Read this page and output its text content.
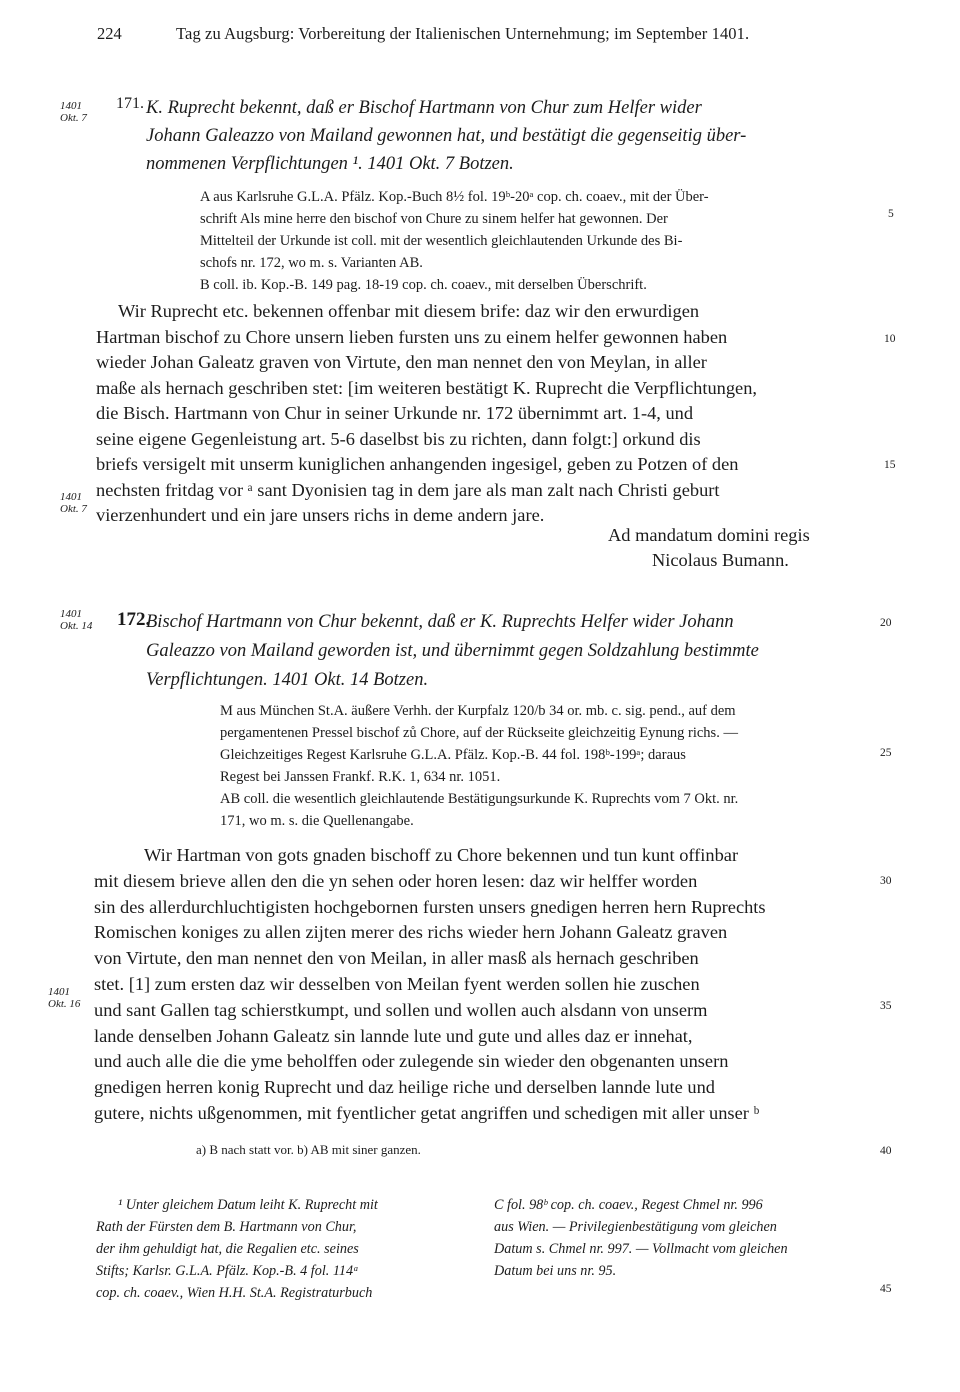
224	Tag zu Augsburg: Vorbereitung der Italienischen Unternehmung; im September 1401.
1401
Okt. 7
171. K. Ruprecht bekennt, daß er Bischof Hartmann von Chur zum Helfer wider
Johann Galeazzo von Mailand gewonnen hat, und bestätigt die gegenseitig über-
nommenen Verpflichtungen ¹. 1401 Okt. 7 Botzen.
A aus Karlsruhe G.L.A. Pfälz. Kop.-Buch 8½ fol. 19ᵇ-20ᵃ cop. ch. coaev., mit der Über-
schrift Als mine herre den bischof von Chure zu sinem helfer hat gewonnen. Der
Mittelteil der Urkunde ist coll. mit der wesentlich gleichlautenden Urkunde des Bi-
schofs nr. 172, wo m. s. Varianten AB.
B coll. ib. Kop.-B. 149 pag. 18-19 cop. ch. coaev., mit derselben Überschrift.
Wir Ruprecht etc. bekennen offenbar mit diesem brife: daz wir den erwurdigen
Hartman bischof zu Chore unsern lieben fursten uns zu einem helfer gewonnen haben
wieder Johan Galeatz graven von Virtute, den man nennet den von Meylan, in aller
maße als hernach geschriben stet: [im weiteren bestätigt K. Ruprecht die Verpflichtungen,
die Bisch. Hartmann von Chur in seiner Urkunde nr. 172 übernimmt art. 1-4, und
seine eigene Gegenleistung art. 5-6 daselbst bis zu richten, dann folgt:] orkund dis
briefs versigelt mit unserm kuniglichen anhangenden ingesigel, geben zu Potzen of den
nechsten fritdag vor ᵃ sant Dyonisien tag in dem jare als man zalt nach Christi geburt
vierzenhundert und ein jare unsers richs in deme andern jare.
1401
Okt. 7
Ad mandatum domini regis
Nicolaus Bumann.
1401
Okt. 14 172.
Bischof Hartmann von Chur bekennt, daß er K. Ruprechts Helfer wider Johann
Galeazzo von Mailand geworden ist, und übernimmt gegen Soldzahlung bestimmte
Verpflichtungen. 1401 Okt. 14 Botzen.
M aus München St.A. äußere Verhh. der Kurpfalz 120/b 34 or. mb. c. sig. pend., auf dem
pergamentenen Pressel bischof zů Chore, auf der Rückseite gleichzeitig Eynung richs. —
Gleichzeitiges Regest Karlsruhe G.L.A. Pfälz. Kop.-B. 44 fol. 198ᵇ-199ᵃ; daraus
Regest bei Janssen Frankf. R.K. 1, 634 nr. 1051.
AB coll. die wesentlich gleichlautende Bestätigungsurkunde K. Ruprechts vom 7 Okt. nr.
171, wo m. s. die Quellenangabe.
Wir Hartman von gots gnaden bischoff zu Chore bekennen und tun kunt offinbar
mit diesem brieve allen den die yn sehen oder horen lesen: daz wir helffer worden
sin des allerdurchluchtigisten hochgebornen fursten unsers gnedigen herren hern Ruprechts
Romischen koniges zu allen zijten merer des richs wieder hern Johann Galeatz graven
von Virtute, den man nennet den von Meilan, in aller masß als hernach geschriben
stet. [1] zum ersten daz wir desselben von Meilan fyent werden sollen hie zuschen
und sant Gallen tag schierstkumpt, und sollen und wollen auch alsdann von unserm
lande denselben Johann Galeatz sin lannde lute und gute und alles daz er innehat,
und auch alle die die yme beholffen oder zulegende sin wieder den obgenanten unsern
gnedigen herren konig Ruprecht und daz heilige riche und derselben lannde lute und
gutere, nichts ußgenommen, mit fyentlicher getat angriffen und schedigen mit aller unser ᵇ
1401
Okt. 16
a) B nach statt vor. b) AB mit siner ganzen.
¹ Unter gleichem Datum leiht K. Ruprecht mit
Rath der Fürsten dem B. Hartmann von Chur,
der ihm gehuldigt hat, die Regalien etc. seines
Stifts; Karlsr. G.L.A. Pfälz. Kop.-B. 4 fol. 114ᵃ
cop. ch. coaev., Wien H.H. St.A. Registraturbuch
C fol. 98ᵇ cop. ch. coaev., Regest Chmel nr. 996
aus Wien. — Privilegienbestätigung vom gleichen
Datum s. Chmel nr. 997. — Vollmacht vom gleichen
Datum bei uns nr. 95.
5
10
15
20
25
30
35
40
45
